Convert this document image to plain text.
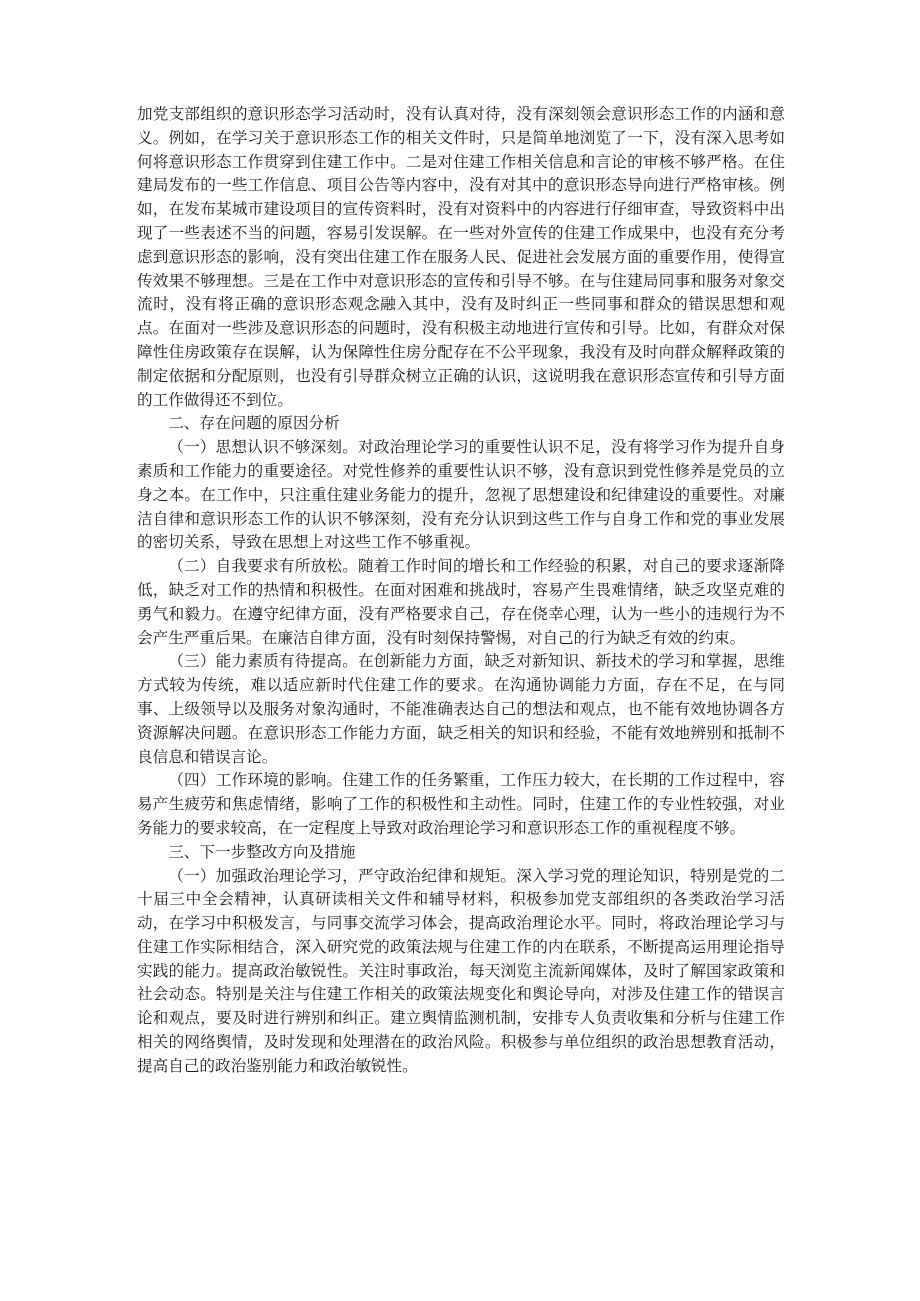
加党支部组织的意识形态学习活动时，没有认真对待，没有深刻领会意识形态工作的内涵和意义。例如，在学习关于意识形态工作的相关文件时，只是简单地浏览了一下，没有深入思考如何将意识形态工作贯穿到住建工作中。二是对住建工作相关信息和言论的审核不够严格。在住建局发布的一些工作信息、项目公告等内容中，没有对其中的意识形态导向进行严格审核。例如，在发布某城市建设项目的宣传资料时，没有对资料中的内容进行仔细审查，导致资料中出现了一些表述不当的问题，容易引发误解。在一些对外宣传的住建工作成果中，也没有充分考虑到意识形态的影响，没有突出住建工作在服务人民、促进社会发展方面的重要作用，使得宣传效果不够理想。三是在工作中对意识形态的宣传和引导不够。在与住建局同事和服务对象交流时，没有将正确的意识形态观念融入其中，没有及时纠正一些同事和群众的错误思想和观点。在面对一些涉及意识形态的问题时，没有积极主动地进行宣传和引导。比如，有群众对保障性住房政策存在误解，认为保障性住房分配存在不公平现象，我没有及时向群众解释政策的制定依据和分配原则，也没有引导群众树立正确的认识，这说明我在意识形态宣传和引导方面的工作做得还不到位。

二、存在问题的原因分析

（一）思想认识不够深刻。对政治理论学习的重要性认识不足，没有将学习作为提升自身素质和工作能力的重要途径。对党性修养的重要性认识不够，没有意识到党性修养是党员的立身之本。在工作中，只注重住建业务能力的提升，忽视了思想建设和纪律建设的重要性。对廉洁自律和意识形态工作的认识不够深刻，没有充分认识到这些工作与自身工作和党的事业发展的密切关系，导致在思想上对这些工作不够重视。

（二）自我要求有所放松。随着工作时间的增长和工作经验的积累，对自己的要求逐渐降低，缺乏对工作的热情和积极性。在面对困难和挑战时，容易产生畏难情绪，缺乏攻坚克难的勇气和毅力。在遵守纪律方面，没有严格要求自己，存在侥幸心理，认为一些小的违规行为不会产生严重后果。在廉洁自律方面，没有时刻保持警惕，对自己的行为缺乏有效的约束。

（三）能力素质有待提高。在创新能力方面，缺乏对新知识、新技术的学习和掌握，思维方式较为传统，难以适应新时代住建工作的要求。在沟通协调能力方面，存在不足，在与同事、上级领导以及服务对象沟通时，不能准确表达自己的想法和观点，也不能有效地协调各方资源解决问题。在意识形态工作能力方面，缺乏相关的知识和经验，不能有效地辨别和抵制不良信息和错误言论。

（四）工作环境的影响。住建工作的任务繁重，工作压力较大，在长期的工作过程中，容易产生疲劳和焦虑情绪，影响了工作的积极性和主动性。同时，住建工作的专业性较强，对业务能力的要求较高，在一定程度上导致对政治理论学习和意识形态工作的重视程度不够。

三、下一步整改方向及措施

（一）加强政治理论学习，严守政治纪律和规矩。深入学习党的理论知识，特别是党的二十届三中全会精神，认真研读相关文件和辅导材料，积极参加党支部组织的各类政治学习活动，在学习中积极发言，与同事交流学习体会，提高政治理论水平。同时，将政治理论学习与住建工作实际相结合，深入研究党的政策法规与住建工作的内在联系，不断提高运用理论指导实践的能力。提高政治敏锐性。关注时事政治，每天浏览主流新闻媒体，及时了解国家政策和社会动态。特别是关注与住建工作相关的政策法规变化和舆论导向，对涉及住建工作的错误言论和观点，要及时进行辨别和纠正。建立舆情监测机制，安排专人负责收集和分析与住建工作相关的网络舆情，及时发现和处理潜在的政治风险。积极参与单位组织的政治思想教育活动，提高自己的政治鉴别能力和政治敏锐性。
